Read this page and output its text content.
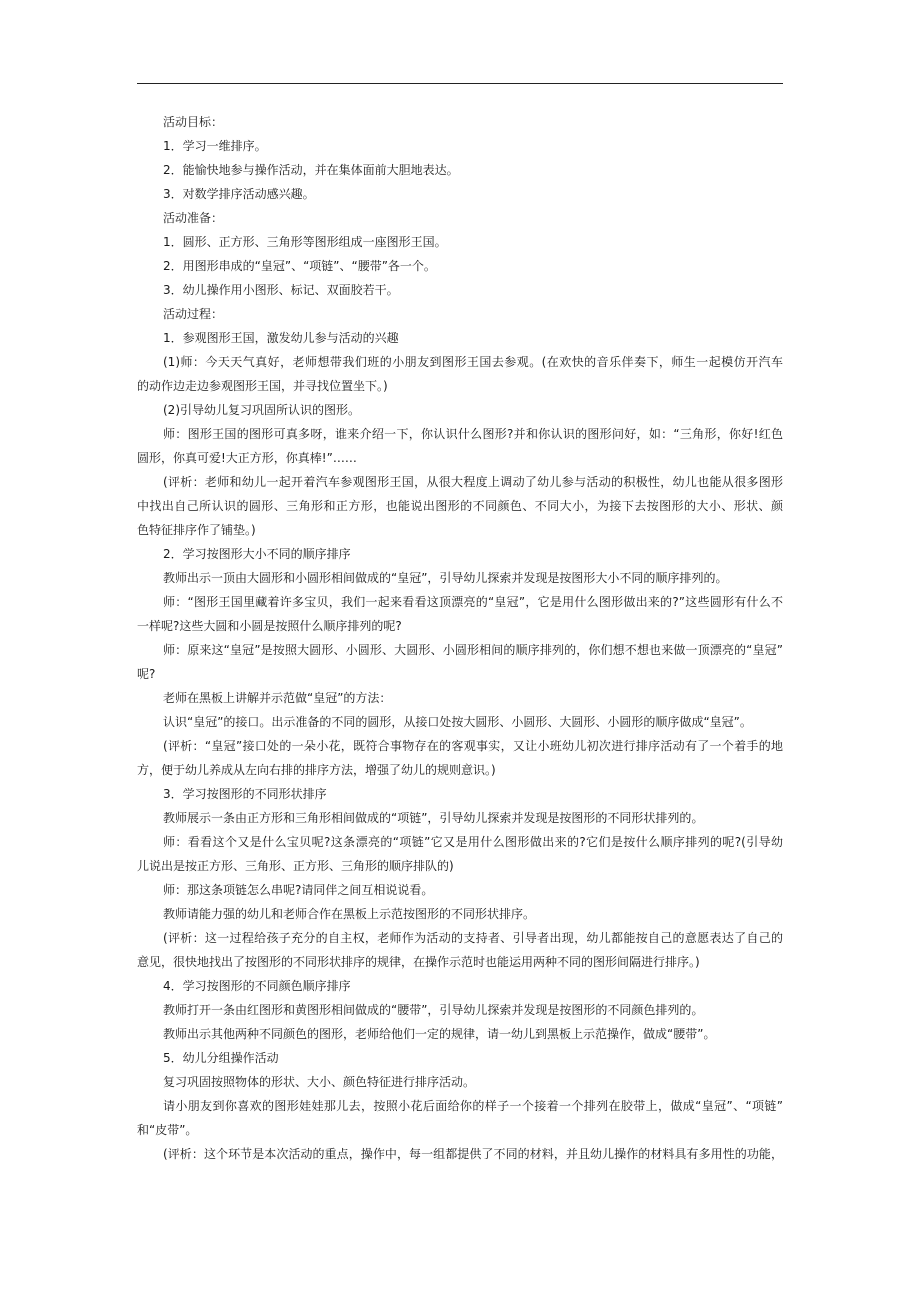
活动目标：
1．学习一维排序。
2．能愉快地参与操作活动，并在集体面前大胆地表达。
3．对数学排序活动感兴趣。
活动准备：
1．圆形、正方形、三角形等图形组成一座图形王国。
2．用图形串成的“皇冠”、“项链”、“腰带”各一个。
3．幼儿操作用小图形、标记、双面胶若干。
活动过程：
1．参观图形王国，激发幼儿参与活动的兴趣
(1)师：今天天气真好，老师想带我们班的小朋友到图形王国去参观。(在欢快的音乐伴奏下，师生一起模仿开汽车
的动作边走边参观图形王国，并寻找位置坐下。)
(2)引导幼儿复习巩固所认识的图形。
师：图形王国的图形可真多呀，谁来介绍一下，你认识什么图形?并和你认识的图形问好，如：“三角形，你好!红色
圆形，你真可爱!大正方形，你真棒!”……
(评析：老师和幼儿一起开着汽车参观图形王国，从很大程度上调动了幼儿参与活动的积极性，幼儿也能从很多图形
中找出自己所认识的圆形、三角形和正方形，也能说出图形的不同颜色、不同大小，为接下去按图形的大小、形状、颜
色特征排序作了铺垫。)
2．学习按图形大小不同的顺序排序
教师出示一顶由大圆形和小圆形相间做成的“皇冠”，引导幼儿探索并发现是按图形大小不同的顺序排列的。
师：“图形王国里藏着许多宝贝，我们一起来看看这顶漂亮的“皇冠”，它是用什么图形做出来的?”这些圆形有什么不
一样呢?这些大圆和小圆是按照什么顺序排列的呢?
师：原来这“皇冠”是按照大圆形、小圆形、大圆形、小圆形相间的顺序排列的，你们想不想也来做一顶漂亮的“皇冠”
呢?
老师在黑板上讲解并示范做“皇冠”的方法：
认识“皇冠”的接口。出示准备的不同的圆形，从接口处按大圆形、小圆形、大圆形、小圆形的顺序做成“皇冠”。
(评析：“皇冠”接口处的一朵小花，既符合事物存在的客观事实，又让小班幼儿初次进行排序活动有了一个着手的地
方，便于幼儿养成从左向右排的排序方法，增强了幼儿的规则意识。)
3．学习按图形的不同形状排序
教师展示一条由正方形和三角形相间做成的“项链”，引导幼儿探索并发现是按图形的不同形状排列的。
师：看看这个又是什么宝贝呢?这条漂亮的“项链”它又是用什么图形做出来的?它们是按什么顺序排列的呢?(引导幼
儿说出是按正方形、三角形、正方形、三角形的顺序排队的)
师：那这条项链怎么串呢?请同伴之间互相说说看。
教师请能力强的幼儿和老师合作在黑板上示范按图形的不同形状排序。
(评析：这一过程给孩子充分的自主权，老师作为活动的支持者、引导者出现，幼儿都能按自己的意愿表达了自己的
意见，很快地找出了按图形的不同形状排序的规律，在操作示范时也能运用两种不同的图形间隔进行排序。)
4．学习按图形的不同颜色顺序排序
教师打开一条由红图形和黄图形相间做成的“腰带”，引导幼儿探索并发现是按图形的不同颜色排列的。
教师出示其他两种不同颜色的图形，老师给他们一定的规律，请一幼儿到黑板上示范操作，做成“腰带”。
5．幼儿分组操作活动
复习巩固按照物体的形状、大小、颜色特征进行排序活动。
请小朋友到你喜欢的图形娃娃那儿去，按照小花后面给你的样子一个接着一个排列在胶带上，做成“皇冠”、“项链”
和“皮带”。
(评析：这个环节是本次活动的重点，操作中，每一组都提供了不同的材料，并且幼儿操作的材料具有多用性的功能，
